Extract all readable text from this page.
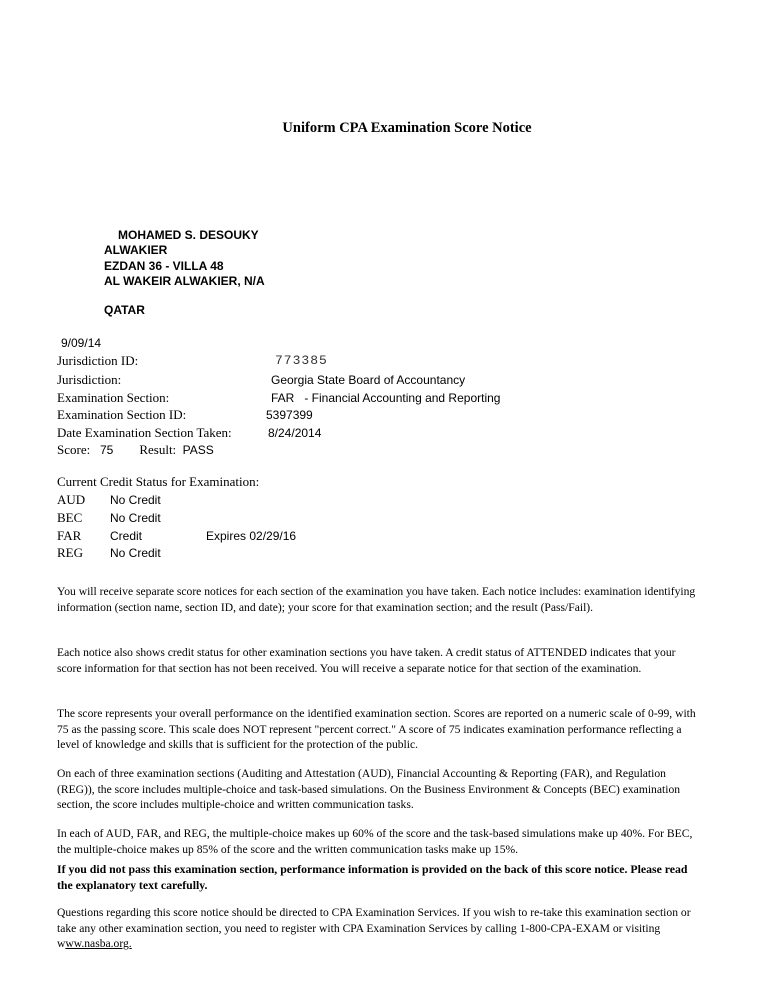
Uniform CPA Examination Score Notice
MOHAMED S. DESOUKY
ALWAKIER
EZDAN 36 - VILLA 48
AL WAKEIR ALWAKIER, N/A
QATAR
9/09/14
Jurisdiction ID:	773385
Jurisdiction:	Georgia State Board of Accountancy
Examination Section:	FAR   - Financial Accounting and Reporting
Examination Section ID:	5397399
Date Examination Section Taken:	8/24/2014
Score: 75 Result: PASS
Current Credit Status for Examination:
AUD No Credit
BEC No Credit
FAR Credit	Expires 02/29/16
REG No Credit
You will receive separate score notices for each section of the examination you have taken. Each notice includes: examination identifying information (section name, section ID, and date); your score for that examination section; and the result (Pass/Fail).
Each notice also shows credit status for other examination sections you have taken. A credit status of ATTENDED indicates that your score information for that section has not been received. You will receive a separate notice for that section of the examination.
The score represents your overall performance on the identified examination section. Scores are reported on a numeric scale of 0-99, with 75 as the passing score. This scale does NOT represent "percent correct." A score of 75 indicates examination performance reflecting a level of knowledge and skills that is sufficient for the protection of the public.
On each of three examination sections (Auditing and Attestation (AUD), Financial Accounting & Reporting (FAR), and Regulation (REG)), the score includes multiple-choice and task-based simulations. On the Business Environment & Concepts (BEC) examination section, the score includes multiple-choice and written communication tasks.
In each of AUD, FAR, and REG, the multiple-choice makes up 60% of the score and the task-based simulations make up 40%. For BEC, the multiple-choice makes up 85% of the score and the written communication tasks make up 15%.
If you did not pass this examination section, performance information is provided on the back of this score notice. Please read the explanatory text carefully.
Questions regarding this score notice should be directed to CPA Examination Services. If you wish to re-take this examination section or take any other examination section, you need to register with CPA Examination Services by calling 1-800-CPA-EXAM or visiting www.nasba.org.
